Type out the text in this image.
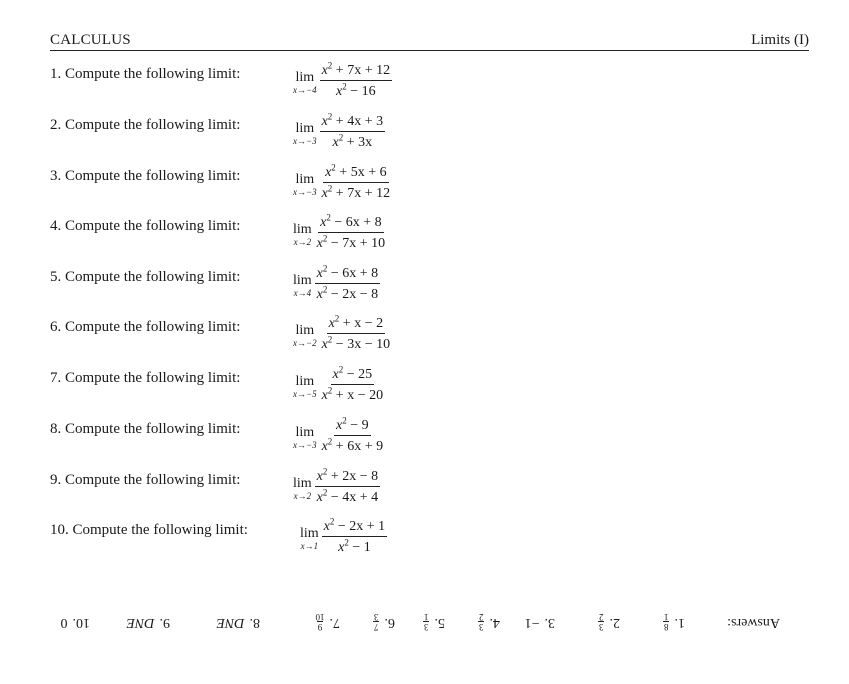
CALCULUS	Limits (I)
1. Compute the following limit:	lim
$x\to-4 \frac{x^2 + 7x + 12}{x^2 - 16}$
2. Compute the following limit:	lim
$x\to-3 \frac{x^2 + 4x + 3}{x^2 + 3x}$
3. Compute the following limit:	lim
$x\to-3 \frac{x^2 + 5x + 6}{x^2 + 7x + 12}$
4. Compute the following limit:	lim
$x\to 2 \frac{x^2 - 6x + 8}{x^2 - 7x + 10}$
5. Compute the following limit:	lim
$x\to 4 \frac{x^2 - 6x + 8}{x^2 - 2x - 8}$
6. Compute the following limit:	lim
$x\to-2 \frac{x^2 + x - 2}{x^2 - 3x - 10}$
7. Compute the following limit:	lim
$x\to-5 \frac{x^2 - 25}{x^2 + x - 20}$
8. Compute the following limit:	lim
$x\to-3 \frac{x^2 - 9}{x^2 + 6x + 9}$
9. Compute the following limit:	lim
$x\to 2 \frac{x^2 + 2x - 8}{x^2 - 4x + 4}$
10. Compute the following limit:	lim
$x\to 1 \frac{x^2 - 2x + 1}{x^2 - 1}$
Answers:
1.
8
1
2.
3
2
3.
−1
4.
3
2
5.
3
1
6.
7
3
7.
9
10
8.
DNE
9.
DNE
10.
0
